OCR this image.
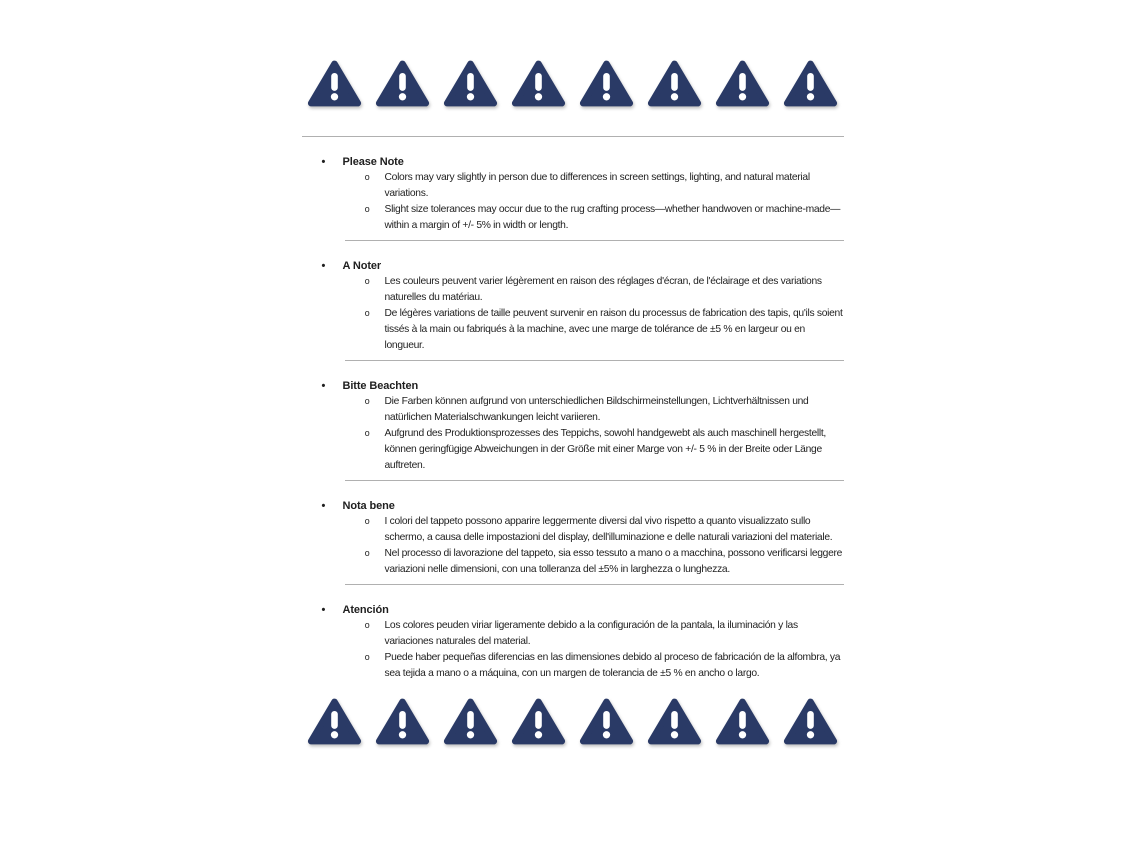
•	Please Note
o	Colors may vary slightly in person due to differences in screen settings, lighting, and natural material variations.

o	Slight size tolerances may occur due to the rug crafting process—whether handwoven or machine-made—within a margin of +/- 5% in width or length.

•	A Noter
o	Les couleurs peuvent varier légèrement en raison des réglages d'écran, de l'éclairage et des variations naturelles du matériau.

o	De légères variations de taille peuvent survenir en raison du processus de fabrication des tapis, qu'ils soient tissés à la main ou fabriqués à la machine, avec une marge de tolérance de ±5 % en largeur ou en longueur.

•	Bitte Beachten
o	Die Farben können aufgrund von unterschiedlichen Bildschirmeinstellungen, Lichtverhältnissen und natürlichen Materialschwankungen leicht variieren.

o	Aufgrund des Produktionsprozesses des Teppichs, sowohl handgewebt als auch maschinell hergestellt, können geringfügige Abweichungen in der Größe mit einer Marge von +/- 5 % in der Breite oder Länge auftreten.

•	Nota bene
o	I colori del tappeto possono apparire leggermente diversi dal vivo rispetto a quanto visualizzato sullo schermo, a causa delle impostazioni del display, dell'illuminazione e delle naturali variazioni del materiale.

o	Nel processo di lavorazione del tappeto, sia esso tessuto a mano o a macchina, possono verificarsi leggere variazioni nelle dimensioni, con una tolleranza del ±5% in larghezza o lunghezza.

•	Atención
o	Los colores peuden viriar ligeramente debido a la configuración de la pantala, la iluminación y las variaciones naturales del material.

o	Puede haber pequeñas diferencias en las dimensiones debido al proceso de fabricación de la alfombra, ya sea tejida a mano o a máquina, con un margen de tolerancia de ±5 % en ancho o largo.
